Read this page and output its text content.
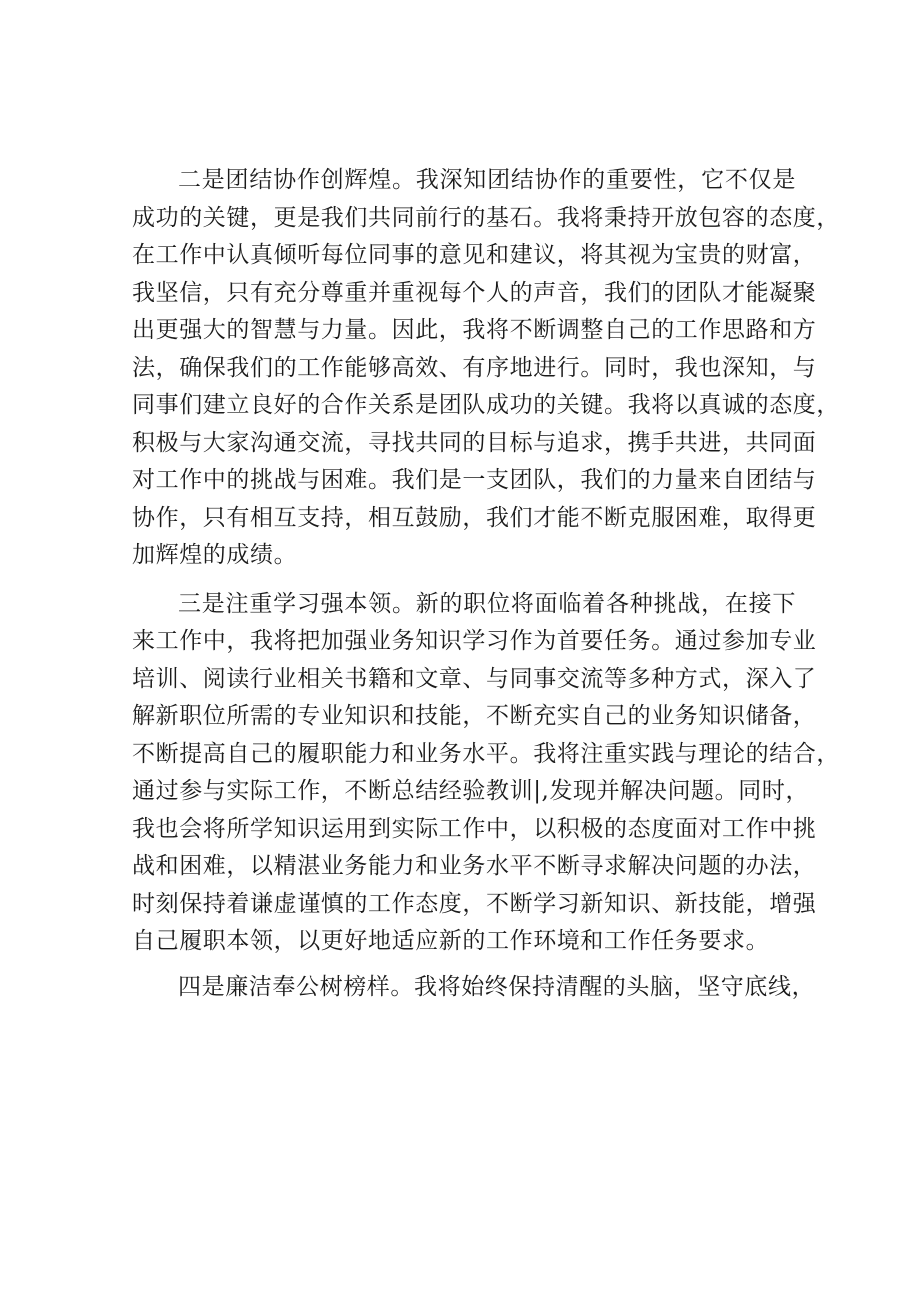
二是团结协作创辉煌。我深知团结协作的重要性，它不仅是
成功的关键，更是我们共同前行的基石。我将秉持开放包容的态度，
在工作中认真倾听每位同事的意见和建议，将其视为宝贵的财富，
我坚信，只有充分尊重并重视每个人的声音，我们的团队才能凝聚
出更强大的智慧与力量。因此，我将不断调整自己的工作思路和方
法，确保我们的工作能够高效、有序地进行。同时，我也深知，与
同事们建立良好的合作关系是团队成功的关键。我将以真诚的态度，
积极与大家沟通交流，寻找共同的目标与追求，携手共进，共同面
对工作中的挑战与困难。我们是一支团队，我们的力量来自团结与
协作，只有相互支持，相互鼓励，我们才能不断克服困难，取得更
加辉煌的成绩。
三是注重学习强本领。新的职位将面临着各种挑战，在接下
来工作中，我将把加强业务知识学习作为首要任务。通过参加专业
培训、阅读行业相关书籍和文章、与同事交流等多种方式，深入了
解新职位所需的专业知识和技能，不断充实自己的业务知识储备，
不断提高自己的履职能力和业务水平。我将注重实践与理论的结合，
通过参与实际工作，不断总结经验教训|,发现并解决问题。同时，
我也会将所学知识运用到实际工作中，以积极的态度面对工作中挑
战和困难，以精湛业务能力和业务水平不断寻求解决问题的办法，
时刻保持着谦虚谨慎的工作态度，不断学习新知识、新技能，增强
自己履职本领，以更好地适应新的工作环境和工作任务要求。
四是廉洁奉公树榜样。我将始终保持清醒的头脑，坚守底线，
